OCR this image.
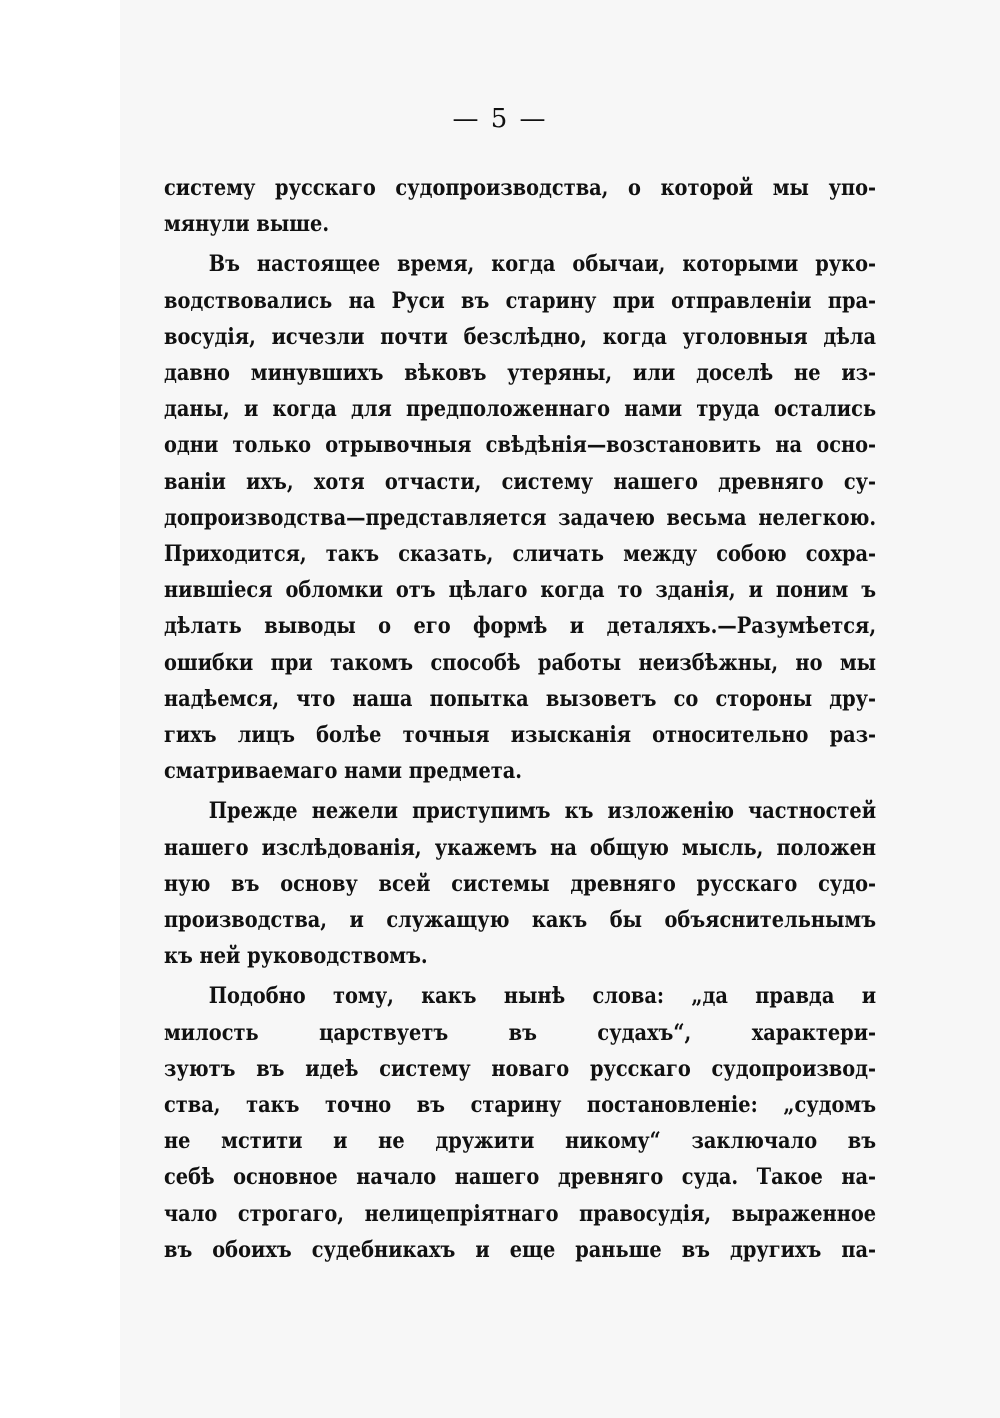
— 5 —
систему русскаго судопроизводства, о которой мы упо-
мянули выше.
Въ настоящее время, когда обычаи, которыми руко-
водствовались на Руси въ старину при отправленіи пра-
восудія, исчезли почти безслѣдно, когда уголовныя дѣла
давно минувшихъ вѣковъ утеряны, или доселѣ не из-
даны, и когда для предположеннаго нами труда остались
одни только отрывочныя свѣдѣнія—возстановить на осно-
ваніи ихъ, хотя отчасти, систему нашего древняго су-
допроизводства—представляется задачею весьма нелегкою.
Приходится, такъ сказать, сличать между собою сохра-
нившіеся обломки отъ цѣлаго когда то зданія, и поним ъ
дѣлать выводы о его формѣ и деталяхъ.—Разумѣется,
ошибки при такомъ способѣ работы неизбѣжны, но мы
надѣемся, что наша попытка вызоветъ со стороны дру-
гихъ лицъ болѣе точныя изысканія относительно раз-
сматриваемаго нами предмета.
Прежде нежели приступимъ къ изложенію частностей
нашего изслѣдованія, укажемъ на общую мысль, положен
ную въ основу всей системы древняго русскаго судо-
производства, и служащую какъ бы объяснительнымъ
къ ней руководствомъ.
Подобно тому, какъ нынѣ слова: „да правда и
милость царствуетъ въ судахъ“, характери-
зуютъ въ идеѣ систему новаго русскаго судопроизвод-
ства, такъ точно въ старину постановленіе: „судомъ
не мстити и не дружити никому“ заключало въ
себѣ основное начало нашего древняго суда. Такое на-
чало строгаго, нелицепріятнаго правосудія, выраженное
въ обоихъ судебникахъ и еще раньше въ другихъ па-
